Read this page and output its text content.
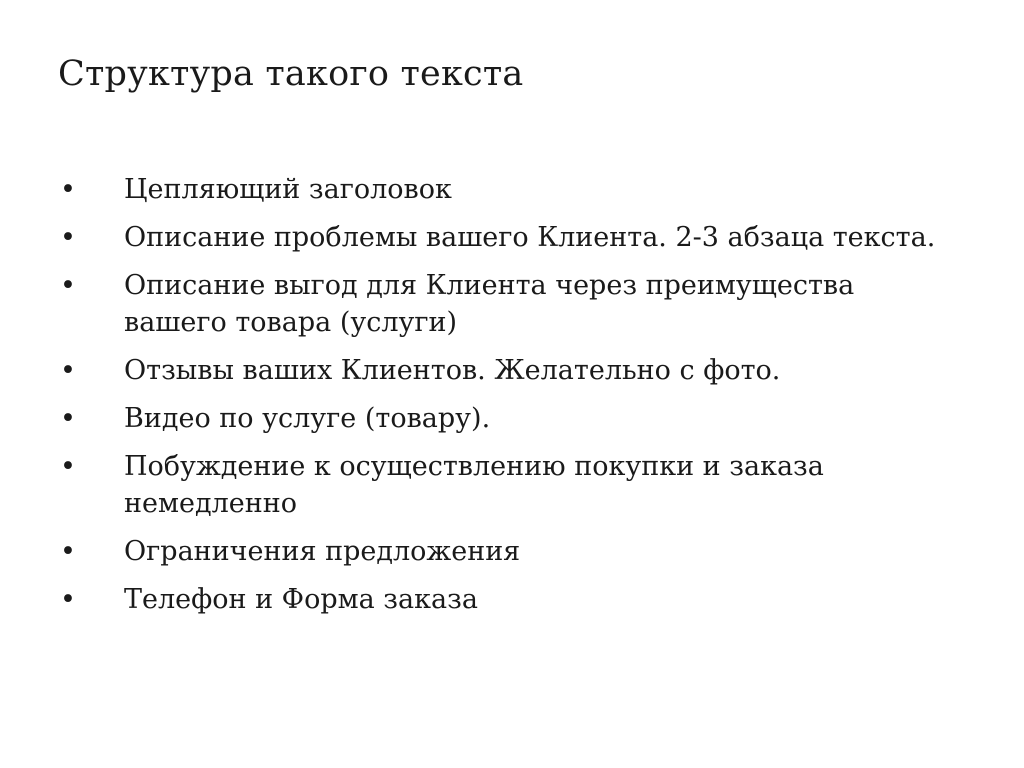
Структура такого текста
• Цепляющий заголовок
• Описание проблемы вашего Клиента. 2-3 абзаца текста.
• Описание выгод для Клиента через преимущества вашего товара (услуги)
• Отзывы ваших Клиентов. Желательно с фото.
• Видео по услуге (товару).
• Побуждение к осуществлению покупки и заказа немедленно
• Ограничения предложения
• Телефон и Форма заказа
